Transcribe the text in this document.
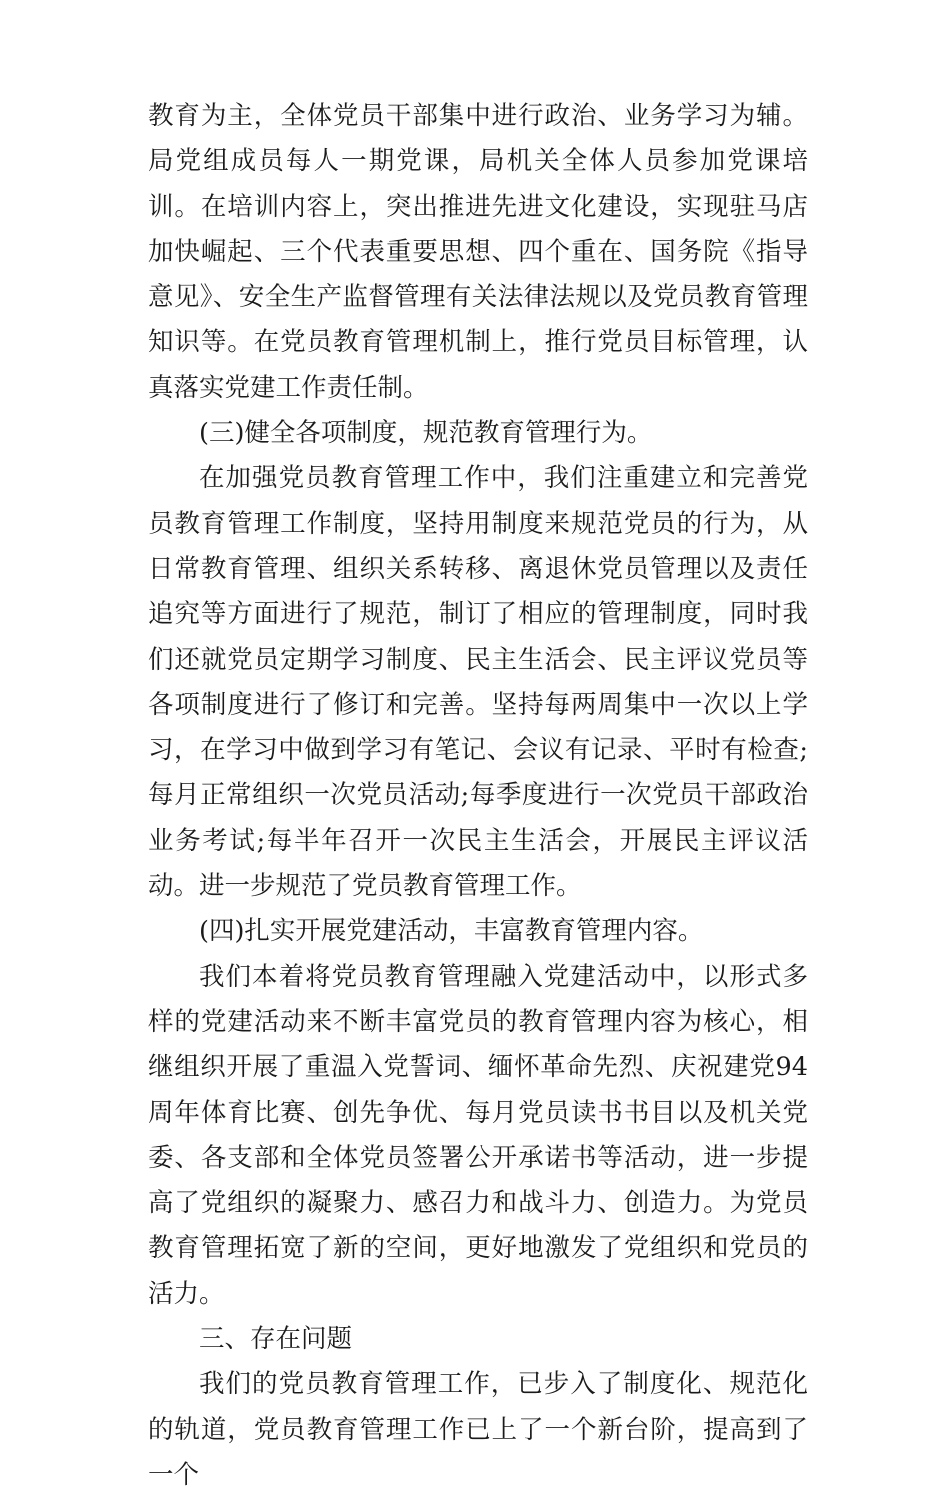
教育为主，全体党员干部集中进行政治、业务学习为辅。局党组成员每人一期党课，局机关全体人员参加党课培训。在培训内容上，突出推进先进文化建设，实现驻马店加快崛起、三个代表重要思想、四个重在、国务院《指导意见》、安全生产监督管理有关法律法规以及党员教育管理知识等。在党员教育管理机制上，推行党员目标管理，认真落实党建工作责任制。

(三)健全各项制度，规范教育管理行为。

在加强党员教育管理工作中，我们注重建立和完善党员教育管理工作制度，坚持用制度来规范党员的行为，从日常教育管理、组织关系转移、离退休党员管理以及责任追究等方面进行了规范，制订了相应的管理制度，同时我们还就党员定期学习制度、民主生活会、民主评议党员等各项制度进行了修订和完善。坚持每两周集中一次以上学习，在学习中做到学习有笔记、会议有记录、平时有检查;每月正常组织一次党员活动;每季度进行一次党员干部政治业务考试;每半年召开一次民主生活会，开展民主评议活动。进一步规范了党员教育管理工作。

(四)扎实开展党建活动，丰富教育管理内容。

我们本着将党员教育管理融入党建活动中，以形式多样的党建活动来不断丰富党员的教育管理内容为核心，相继组织开展了重温入党誓词、缅怀革命先烈、庆祝建党94周年体育比赛、创先争优、每月党员读书书目以及机关党委、各支部和全体党员签署公开承诺书等活动，进一步提高了党组织的凝聚力、感召力和战斗力、创造力。为党员教育管理拓宽了新的空间，更好地激发了党组织和党员的活力。

三、存在问题

我们的党员教育管理工作，已步入了制度化、规范化的轨道，党员教育管理工作已上了一个新台阶，提高到了一个
